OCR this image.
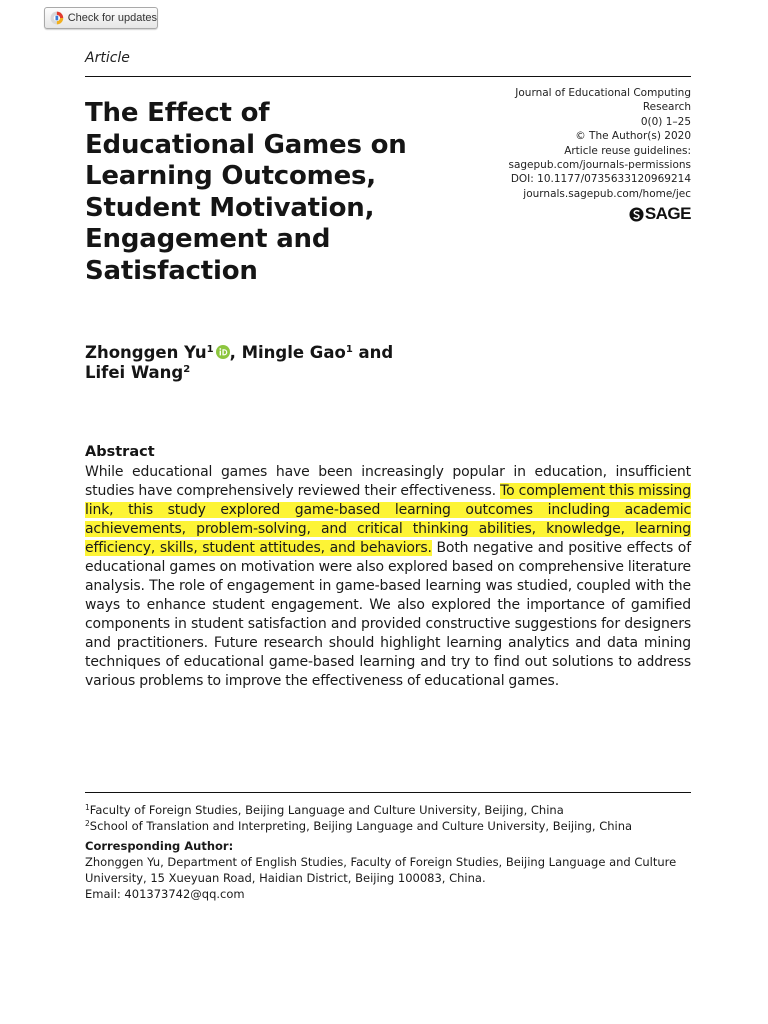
Check for updates
Article
The Effect of Educational Games on Learning Outcomes, Student Motivation, Engagement and Satisfaction
Journal of Educational Computing
Research
0(0) 1–25
© The Author(s) 2020
Article reuse guidelines:
sagepub.com/journals-permissions
DOI: 10.1177/0735633120969214
journals.sagepub.com/home/jec
SAGE

Zhonggen Yu$^1$ , Mingle Gao$^1$ and
Lifei Wang$^2$

Abstract

While educational games have been increasingly popular in education, insufficient studies have comprehensively reviewed their effectiveness. To complement this missing link, this study explored game-based learning outcomes including academic achievements, problem-solving, and critical thinking abilities, knowledge, learning efficiency, skills, student attitudes, and behaviors. Both negative and positive effects of educational games on motivation were also explored based on comprehensive literature analysis. The role of engagement in game-based learning was studied, coupled with the ways to enhance student engagement. We also explored the importance of gamified components in student satisfaction and provided constructive suggestions for designers and practitioners. Future research should highlight learning analytics and data mining techniques of educational game-based learning and try to find out solutions to address various problems to improve the effectiveness of educational games.

$^1$Faculty of Foreign Studies, Beijing Language and Culture University, Beijing, China
$^2$School of Translation and Interpreting, Beijing Language and Culture University, Beijing, China
Corresponding Author:
Zhonggen Yu, Department of English Studies, Faculty of Foreign Studies, Beijing Language and Culture University, 15 Xueyuan Road, Haidian District, Beijing 100083, China.
Email: 401373742@qq.com
